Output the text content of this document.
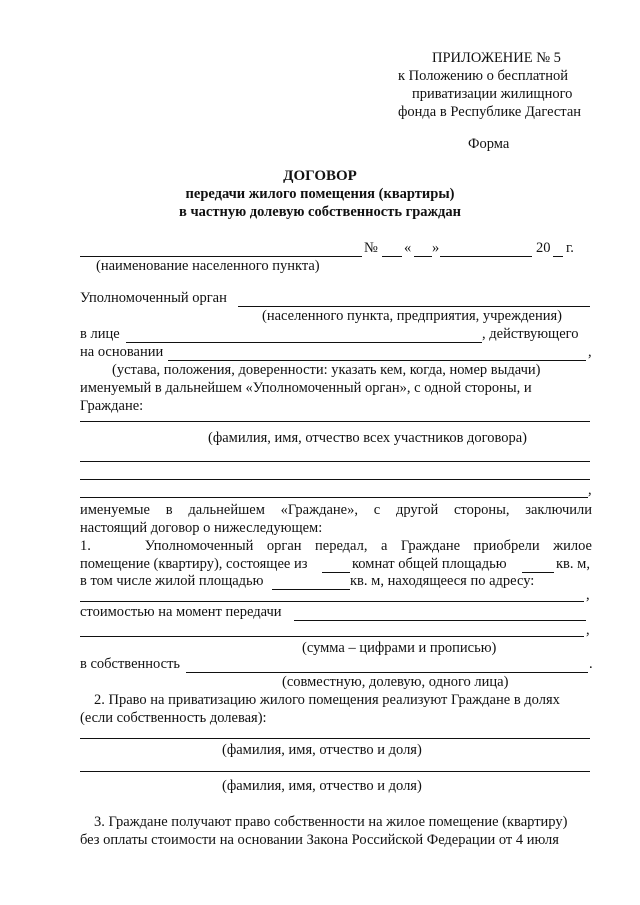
ПРИЛОЖЕНИЕ № 5
к Положению о бесплатной
приватизации жилищного
фонда в Республике Дагестан
Форма
ДОГОВОР
передачи жилого помещения (квартиры)
в частную долевую собственность граждан
№ « »	20 г.
(наименование населенного пункта)
Уполномоченный орган
(населенного пункта, предприятия, учреждения)
в лице	, действующего
на основании	,
(устава, положения, доверенности: указать кем, когда, номер выдачи)
именуемый в дальнейшем «Уполномоченный орган», с одной стороны, и
Граждане:
(фамилия, имя, отчество всех участников договора)
,
именуемые в дальнейшем «Граждане», с другой стороны, заключили
настоящий договор о нижеследующем:
1.    Уполномоченный орган передал, а Граждане приобрели жилое
помещение (квартиру), состоящее из	комнат общей площадью	кв. м,
в том числе жилой площадью	кв. м, находящееся по адресу:
,
стоимостью на момент передачи
,
(сумма – цифрами и прописью)
в собственность	.
(совместную, долевую, одного лица)
2. Право на приватизацию жилого помещения реализуют Граждане в долях
(если собственность долевая):
(фамилия, имя, отчество и доля)
(фамилия, имя, отчество и доля)
3. Граждане получают право собственности на жилое помещение (квартиру)
без оплаты стоимости на основании Закона Российской Федерации от 4 июля
